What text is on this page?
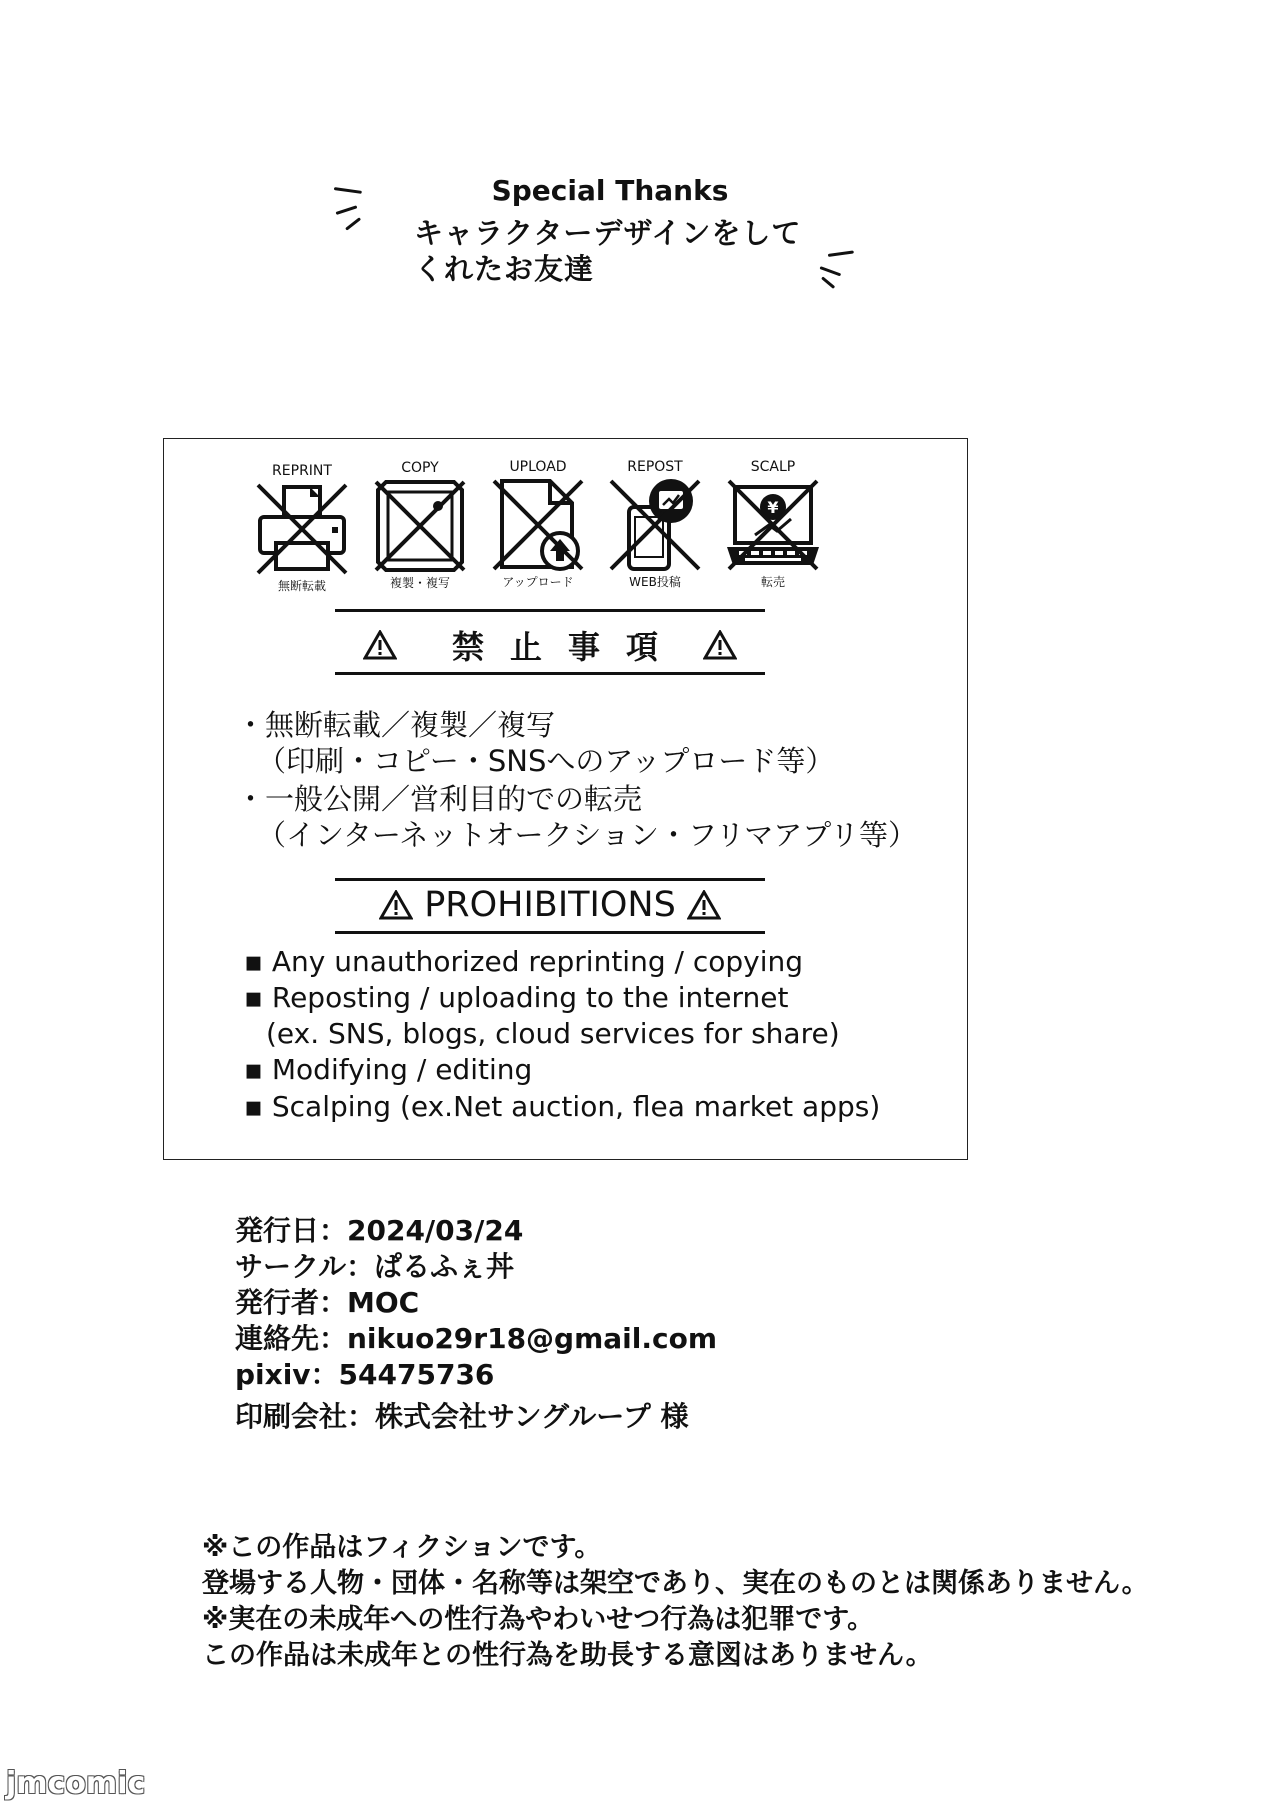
Special Thanks
キャラクターデザインをして
くれたお友達
REPRINT
無断転載
COPY
複製・複写
UPLOAD
アップロード
REPOST
WEB投稿
SCALP
¥
転売
禁止事項
・無断転載／複製／複写
（印刷・コピー・SNSへのアップロード等）
・一般公開／営利目的での転売
（インターネットオークション・フリマアプリ等）
PROHIBITIONS
▪ Any unauthorized reprinting / copying
▪ Reposting / uploading to the internet
(ex. SNS, blogs, cloud services for share)
▪ Modifying / editing
▪ Scalping (ex.Net auction, flea market apps)
発行日：2024/03/24
サークル：ぱるふぇ丼
発行者：MOC
連絡先：nikuo29r18@gmail.com
pixiv：54475736
印刷会社：株式会社サングループ 様
※この作品はフィクションです。
登場する人物・団体・名称等は架空であり、実在のものとは関係ありません。
※実在の未成年への性行為やわいせつ行為は犯罪です。
この作品は未成年との性行為を助長する意図はありません。
jmcomic
